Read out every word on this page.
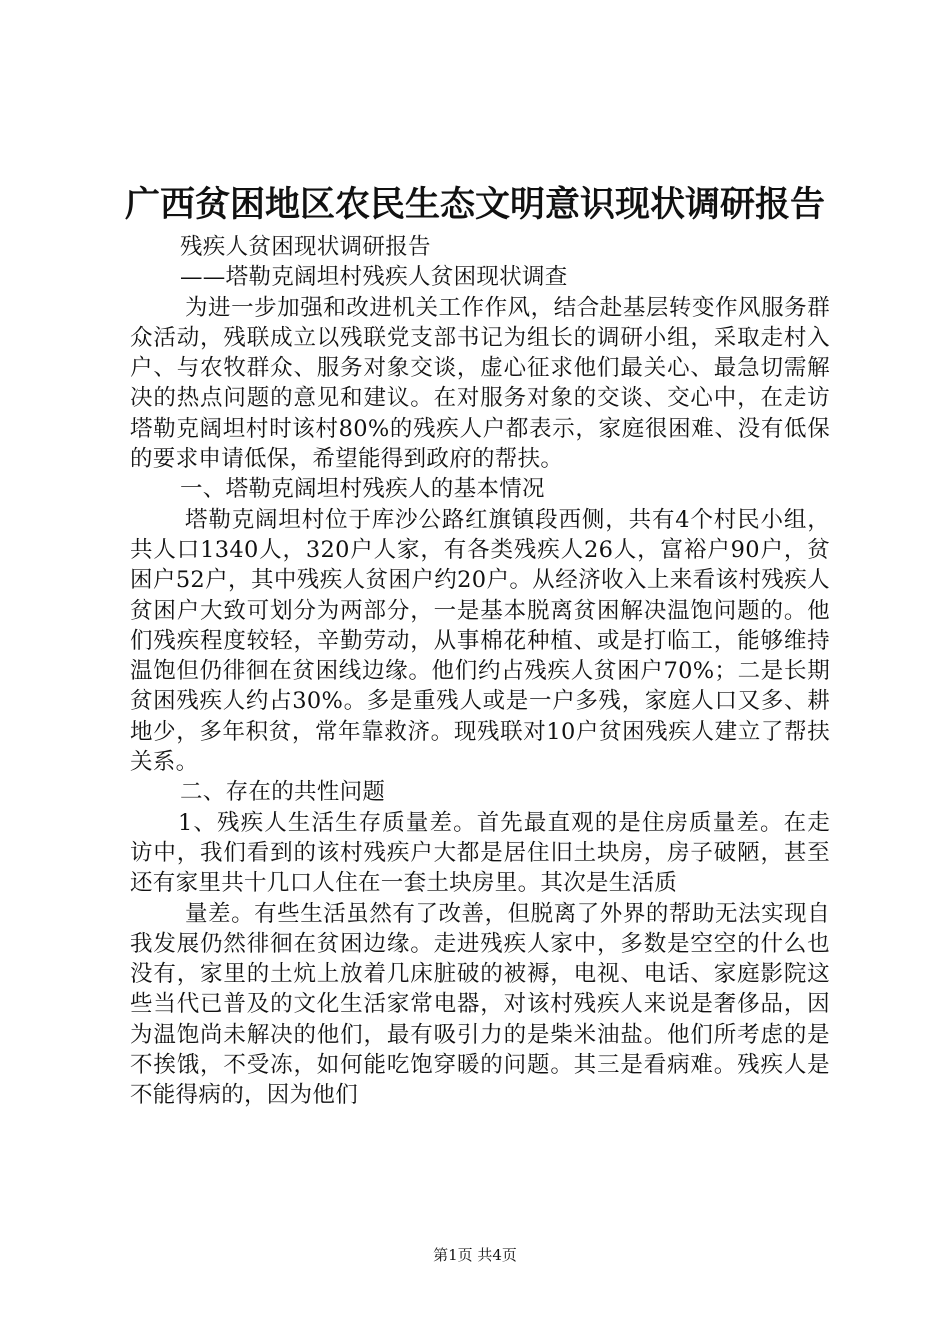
广西贫困地区农民生态文明意识现状调研报告

残疾人贫困现状调研报告

——塔勒克阔坦村残疾人贫困现状调查

为进一步加强和改进机关工作作风，结合赴基层转变作风服务群众活动，残联成立以残联党支部书记为组长的调研小组，采取走村入户、与农牧群众、服务对象交谈，虚心征求他们最关心、最急切需解决的热点问题的意见和建议。在对服务对象的交谈、交心中，在走访塔勒克阔坦村时该村80%的残疾人户都表示，家庭很困难、没有低保的要求申请低保，希望能得到政府的帮扶。

一、塔勒克阔坦村残疾人的基本情况

塔勒克阔坦村位于库沙公路红旗镇段西侧，共有4个村民小组，共人口1340人，320户人家，有各类残疾人26人，富裕户90户，贫困户52户，其中残疾人贫困户约20户。从经济收入上来看该村残疾人贫困户大致可划分为两部分，一是基本脱离贫困解决温饱问题的。他们残疾程度较轻，辛勤劳动，从事棉花种植、或是打临工，能够维持温饱但仍徘徊在贫困线边缘。他们约占残疾人贫困户70%；二是长期贫困残疾人约占30%。多是重残人或是一户多残，家庭人口又多、耕地少，多年积贫，常年靠救济。现残联对10户贫困残疾人建立了帮扶关系。

二、存在的共性问题

1、残疾人生活生存质量差。首先最直观的是住房质量差。在走访中，我们看到的该村残疾户大都是居住旧土块房，房子破陋，甚至还有家里共十几口人住在一套土块房里。其次是生活质

量差。有些生活虽然有了改善，但脱离了外界的帮助无法实现自我发展仍然徘徊在贫困边缘。走进残疾人家中，多数是空空的什么也没有，家里的土炕上放着几床脏破的被褥，电视、电话、家庭影院这些当代已普及的文化生活家常电器，对该村残疾人来说是奢侈品，因为温饱尚未解决的他们，最有吸引力的是柴米油盐。他们所考虑的是不挨饿，不受冻，如何能吃饱穿暖的问题。其三是看病难。残疾人是不能得病的，因为他们

第1页 共4页
